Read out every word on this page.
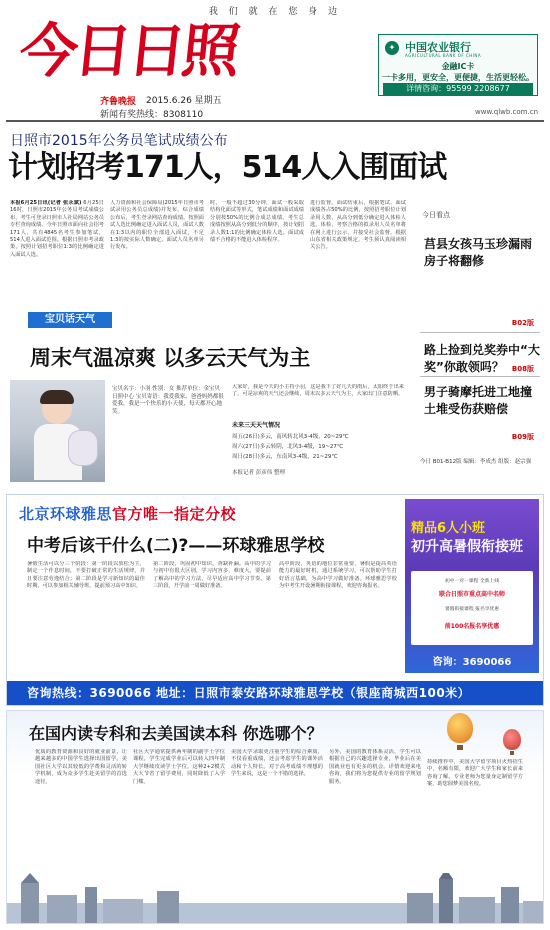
我 们 就 在 您 身 边
今日日照
齐鲁晚报 2015.6.26 星期五
新闻有奖热线：8308110	www.qlwb.com.cn
✦ 中国农业银行
AGRICULTURAL BANK OF CHINA
金融IC卡
一卡多用，更安全，更便捷，生活更轻松。
详情咨询：95599 2208677
日照市2015年公务员笔试成绩公布
计划招考171人，514人入围面试
本报6月25日讯(记者 张永斌) 6月25日16时，日照市2015年公务员考试成绩公布，考生可登录日照市人社局网站公务员专栏查询成绩。今年日照市面向社会招考171人，共有4845名考生参加笔试，514人进入面试范围。根据日照市考录政策，按照计划招考职位1:3的比例确定进入面试人选。
人力资源和社会保障局(2015年日照市考试录用公务员总成绩)并发布。综合成绩公布后，考生登录网站查询成绩，按照面试人选比例确定进入面试人员，面试人数在1:3以内的职位全部进入面试，不足1:3的按实际人数确定。面试人员名单另行发布。
时，一般不超过30分钟，面试一般采取结构化面试等形式，笔试成绩和面试成绩分别按50%的比例合成总成绩。考生总成绩按照从高分到低分的顺序，按计划招录人数1:1的比例确定体检人选。面试成绩不合格的不能进入体检程序。
进行监督。面试结束后，根据笔试、面试成绩各占50%的比例，按照招考职位计划录用人数，从高分到低分确定进入体检人选。体检、考察合格的拟录用人员名单将在网上进行公示，并接受社会监督。根据山东省相关政策规定，考生须认真阅读相关公告。
今日看点
莒县女孩马玉珍漏雨房子将翻修
B02版
路上捡到兑奖券中“大奖”你敢领吗？	B08版
男子骑摩托进工地撞土堆受伤获赔偿
B09版
今日 B01-B12版 编辑：李成杰 组版：赵宗强
宝贝话天气
周末气温凉爽 以多云天气为主
宝贝名字：小羽 性别：女 推荐单位：金宝贝日照中心 宝贝寄语：我爱我家，爸爸妈妈都很爱我，我是一个快乐的小天使，每天都开心地笑。
大家好，我是今天的小主持小羽，这是我下了好几天的雨后，太阳终于出来了，可是凉爽的天气还会继续，周末以多云天气为主，大家出门注意防晒。
未来三天天气情况
周五(26日)多云，南风转北风3-4级，20~29℃
周六(27日)多云转阴，北风3-4级，19~27℃
周日(28日)多云，东南风3-4级，21~29℃
本报记者 彭彦伟 整理
北京环球雅思官方唯一指定分校
中考后该干什么(二)?——环球雅思学校
暑假生活可以分三个阶段：第一阶段以放松为主，制定一个作息时间，不要打破正常的生活规律，并且要注意劳逸结合；第二阶段是学习新知识的最佳时期，可以参加相关辅导班，提前预习高中知识。
第二阶段，巩固初中知识，查缺补漏。高中的学习与初中有很大区别，学习内容多，难度大，要提前了解高中的学习方法，尽早适应高中学习节奏。第三阶段，开学前一周做好准备。
高中阶段，英语的地位非常重要，暑假是提高英语能力的最好时机，通过系统学习，可以帮助学生打好语言基础，为高中学习做好准备。环球雅思学校为中考生开设暑期衔接课程，欢迎咨询报名。
精品6人小班
初升高暑假衔接班
初中一对一课程 全新上线
联合日照市重点高中名师
暑假衔接课程 报名享优惠
前100名报名享优惠
咨询：3690066
咨询热线：3690066 地址：日照市泰安路环球雅思学校（银座商城西100米）
在国内读专科和去美国读本科 你选哪个？
优质的教育资源和良好的就业前景，让越来越多的中国学生选择出国留学。美国社区大学以其较低的学费和灵活的转学机制，成为众多学生赴美留学的首选途径。
社区大学通常提供两年制的副学士学位课程，学生完成学业后可以转入四年制大学继续攻读学士学位，这种2+2模式大大节省了留学费用，同时降低了入学门槛。
美国大学录取更注重学生的综合素质，不仅看重成绩，还会考虑学生的课外活动和个人特长。对于高考成绩不理想的学生来说，这是一个不错的选择。
另外，美国的教育体系灵活，学生可以根据自己的兴趣选择专业，毕业后在美国就业也有更多的机会。详情欢迎来电咨询，我们将为您提供专业的留学规划服务。
持续推荐中，美国大学留学项目火热招生中，名额有限，欢迎广大学生和家长前来咨询了解。专业老师为您量身定制留学方案，助您圆梦美国名校。
